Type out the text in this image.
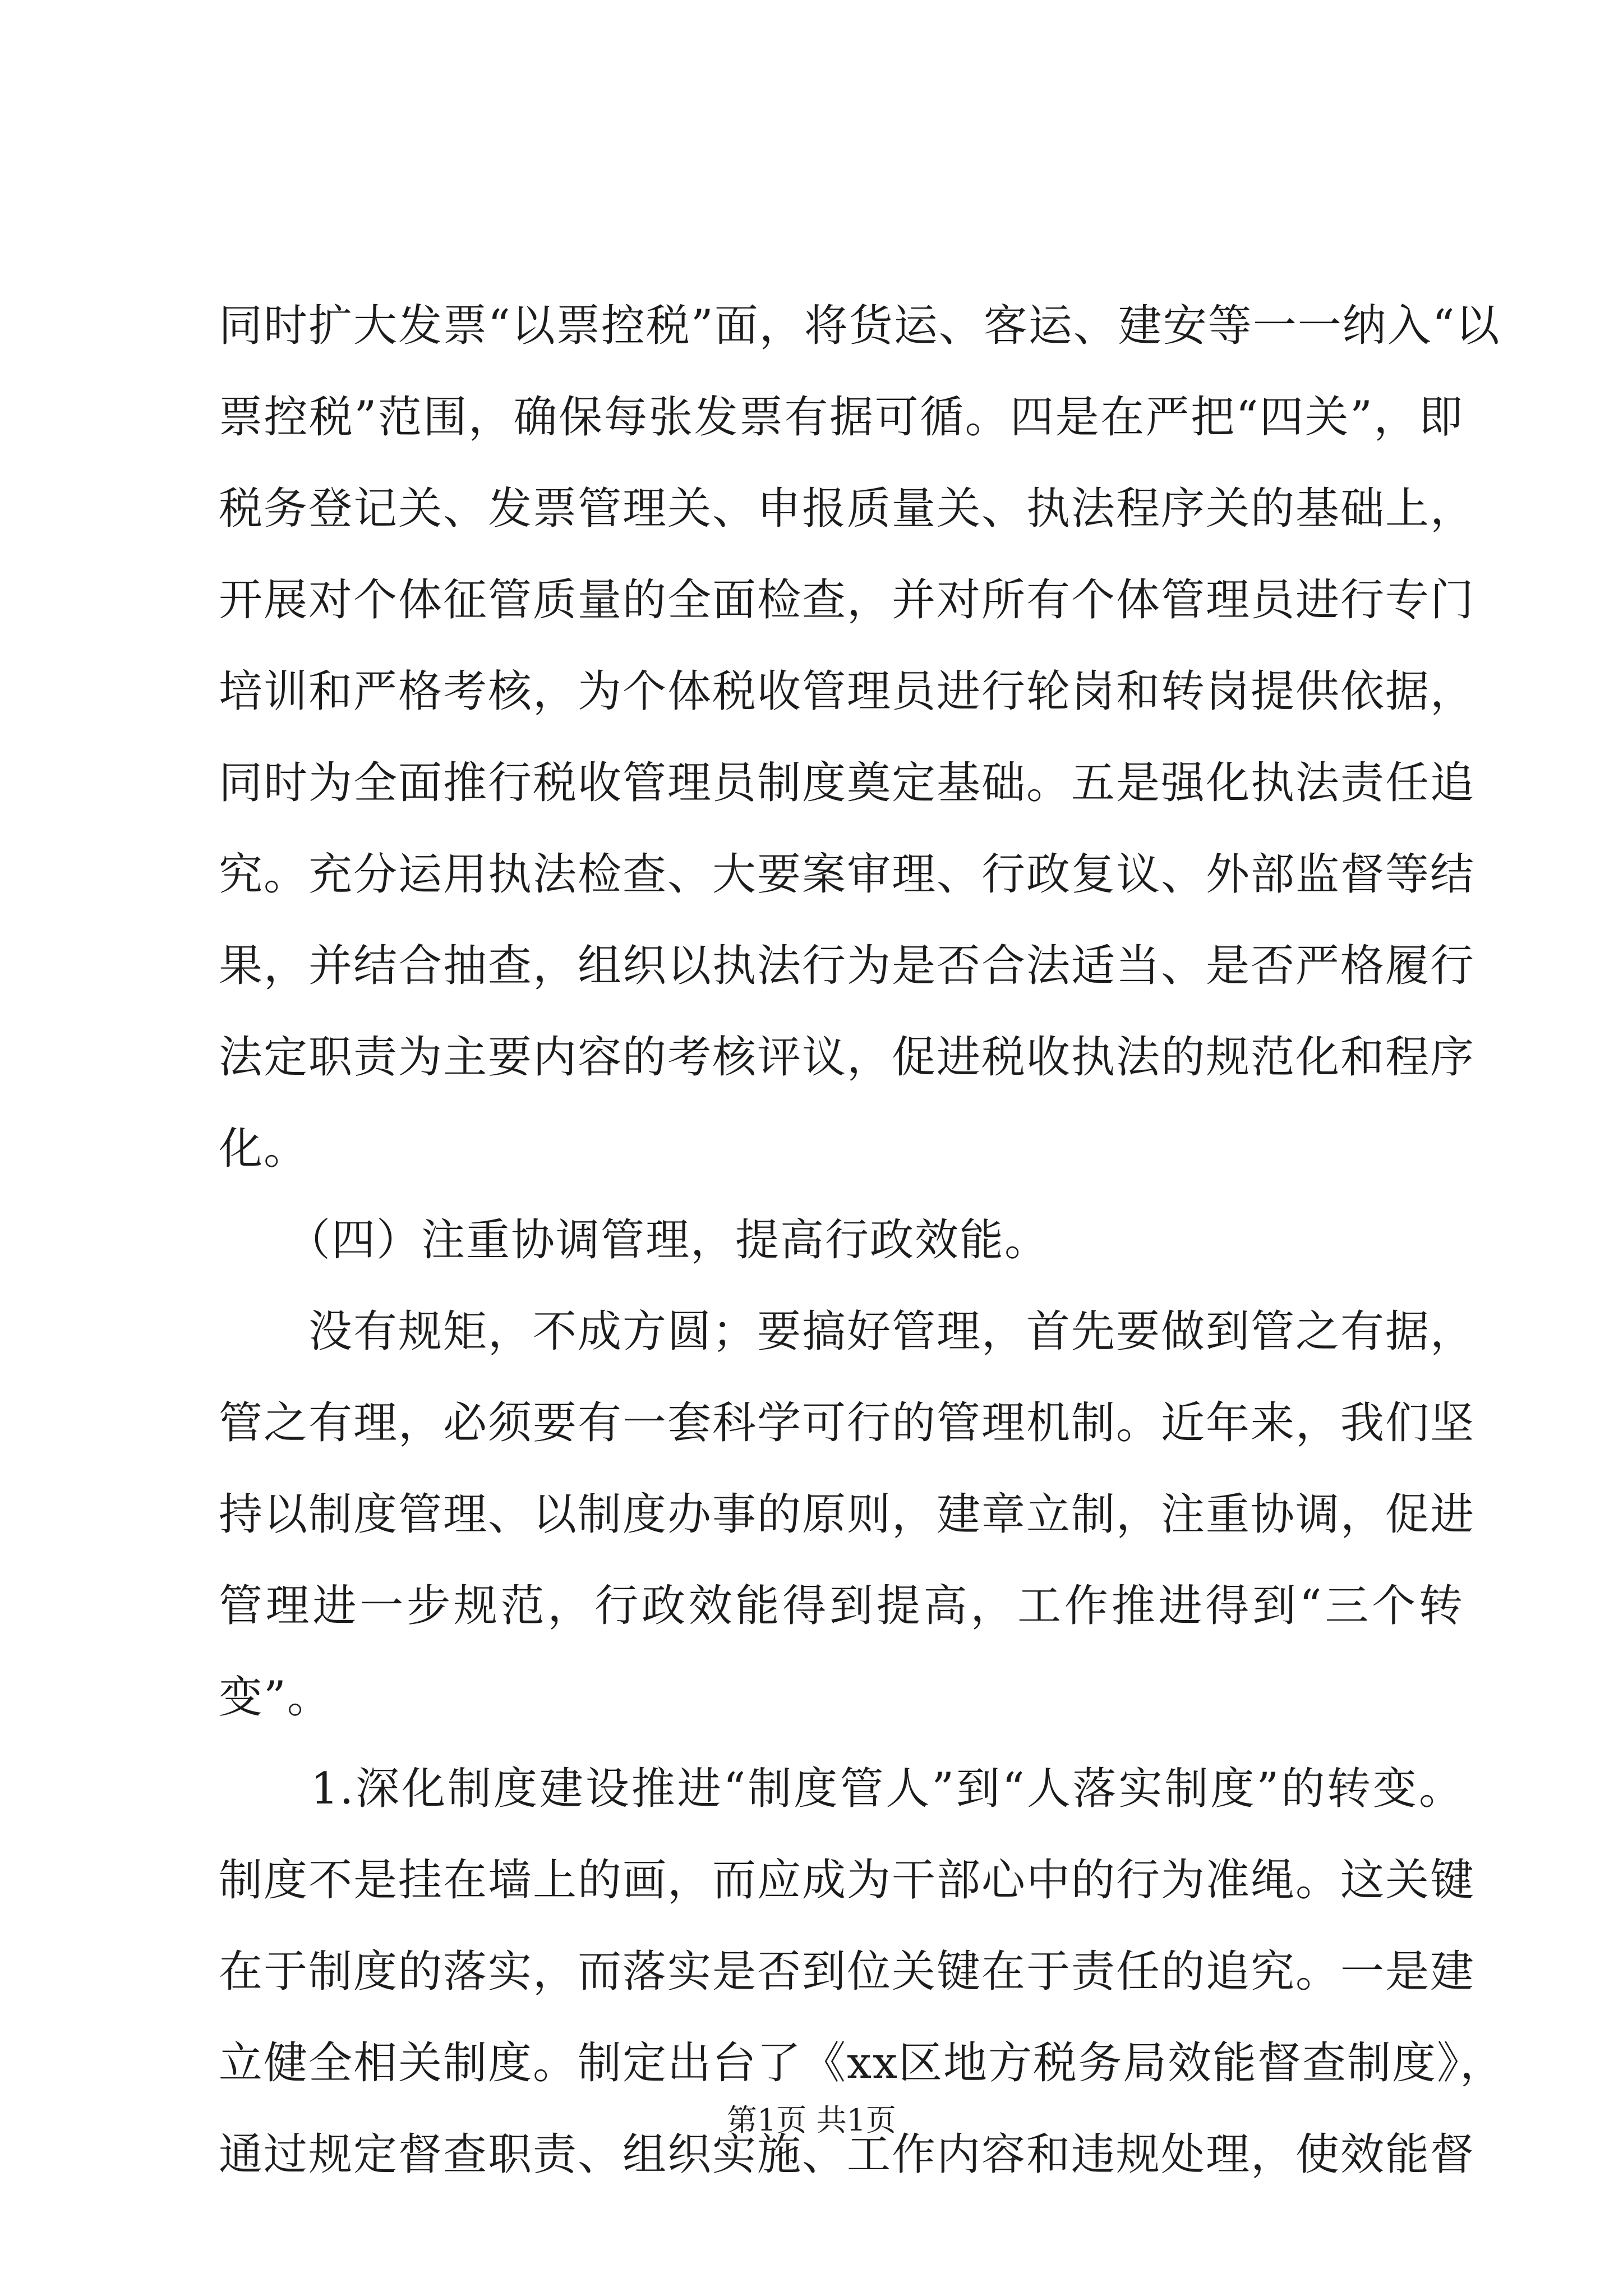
同时扩大发票“以票控税”面，将货运、客运、建安等一一纳入“以
票控税”范围，确保每张发票有据可循。四是在严把“四关”，即
税务登记关、发票管理关、申报质量关、执法程序关的基础上，
开展对个体征管质量的全面检查，并对所有个体管理员进行专门
培训和严格考核，为个体税收管理员进行轮岗和转岗提供依据，
同时为全面推行税收管理员制度奠定基础。五是强化执法责任追
究。充分运用执法检查、大要案审理、行政复议、外部监督等结
果，并结合抽查，组织以执法行为是否合法适当、是否严格履行
法定职责为主要内容的考核评议，促进税收执法的规范化和程序
化。
　　（四）注重协调管理，提高行政效能。
　　没有规矩，不成方圆；要搞好管理，首先要做到管之有据，
管之有理，必须要有一套科学可行的管理机制。近年来，我们坚
持以制度管理、以制度办事的原则，建章立制，注重协调，促进
管理进一步规范，行政效能得到提高，工作推进得到“三个转
变”。
　　1.深化制度建设推进“制度管人”到“人落实制度”的转变。
制度不是挂在墙上的画，而应成为干部心中的行为准绳。这关键
在于制度的落实，而落实是否到位关键在于责任的追究。一是建
立健全相关制度。制定出台了《xx区地方税务局效能督查制度》，
通过规定督查职责、组织实施、工作内容和违规处理，使效能督
第1页 共1页
